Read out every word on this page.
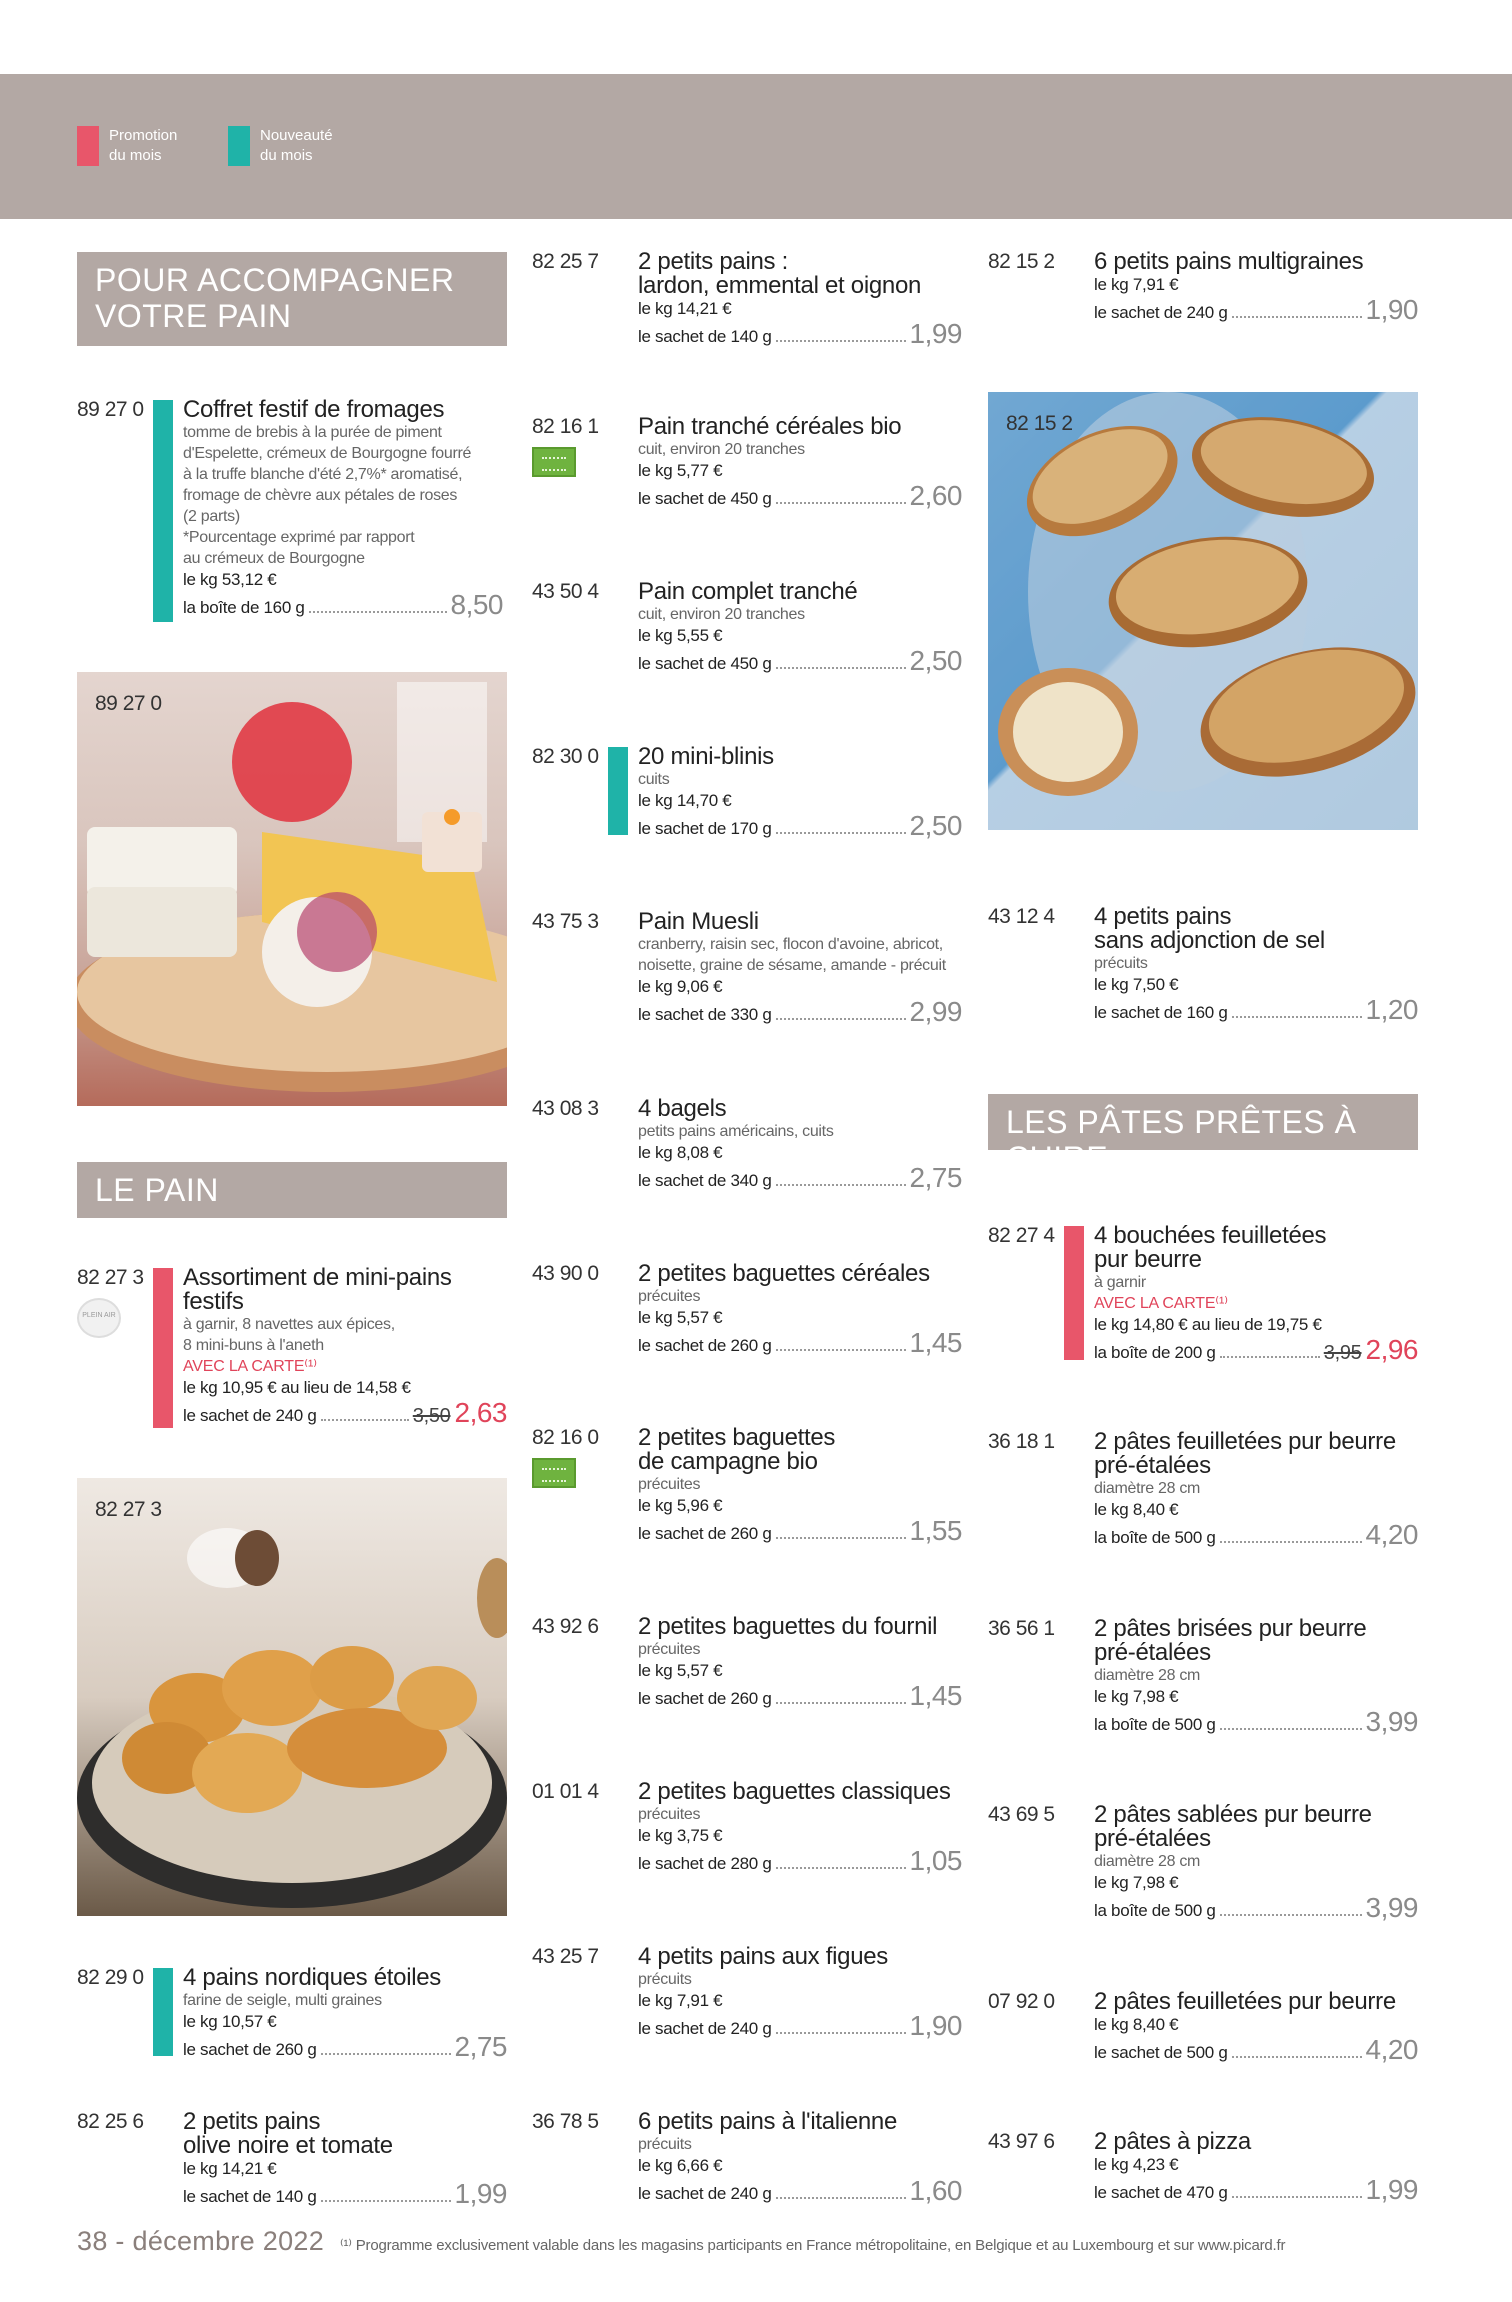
Promotion
du mois
Nouveauté
du mois
POUR ACCOMPAGNER
VOTRE PAIN
89 27 0 Coffret festif de fromages
tomme de brebis à la purée de piment
d'Espelette, crémeux de Bourgogne fourré
à la truffe blanche d'été 2,7%* aromatisé,
fromage de chèvre aux pétales de roses
(2 parts)
*Pourcentage exprimé par rapport
au crémeux de Bourgogne
le kg 53,12 €
la boîte de 160 g	8,50
89 27 0
LE PAIN
82 27 3
PLEIN AIR
Assortiment de mini-pains
festifs
à garnir, 8 navettes aux épices,
8 mini-buns à l'aneth
AVEC LA CARTE⁽¹⁾
le kg 10,95 € au lieu de 14,58 €
le sachet de 240 g	3,50 2,63
82 27 3
82 29 0 4 pains nordiques étoiles
farine de seigle, multi graines
le kg 10,57 €
le sachet de 260 g	2,75
82 25 6 2 petits pains
olive noire et tomate
le kg 14,21 €
le sachet de 140 g	1,99
82 25 7 2 petits pains :
lardon, emmental et oignon
le kg 14,21 €
le sachet de 140 g	1,99
82 16 1 Pain tranché céréales bio
cuit, environ 20 tranches
le kg 5,77 €
le sachet de 450 g	2,60
43 50 4 Pain complet tranché
cuit, environ 20 tranches
le kg 5,55 €
le sachet de 450 g	2,50
82 30 0 20 mini-blinis
cuits
le kg 14,70 €
le sachet de 170 g	2,50
43 75 3 Pain Muesli
cranberry, raisin sec, flocon d'avoine, abricot,
noisette, graine de sésame, amande - précuit
le kg 9,06 €
le sachet de 330 g	2,99
43 08 3 4 bagels
petits pains américains, cuits
le kg 8,08 €
le sachet de 340 g	2,75
43 90 0 2 petites baguettes céréales
précuites
le kg 5,57 €
le sachet de 260 g	1,45
82 16 0 2 petites baguettes
de campagne bio
précuites
le kg 5,96 €
le sachet de 260 g	1,55
43 92 6 2 petites baguettes du fournil
précuites
le kg 5,57 €
le sachet de 260 g	1,45
01 01 4 2 petites baguettes classiques
précuites
le kg 3,75 €
le sachet de 280 g	1,05
43 25 7 4 petits pains aux figues
précuits
le kg 7,91 €
le sachet de 240 g	1,90
36 78 5 6 petits pains à l'italienne
précuits
le kg 6,66 €
le sachet de 240 g	1,60
82 15 2 6 petits pains multigraines
le kg 7,91 €
le sachet de 240 g	1,90
82 15 2
43 12 4 4 petits pains
sans adjonction de sel
précuits
le kg 7,50 €
le sachet de 160 g	1,20
LES PÂTES PRÊTES À CUIRE
82 27 4 4 bouchées feuilletées
pur beurre
à garnir
AVEC LA CARTE⁽¹⁾
le kg 14,80 € au lieu de 19,75 €
la boîte de 200 g	3,95 2,96
36 18 1 2 pâtes feuilletées pur beurre
pré-étalées
diamètre 28 cm
le kg 8,40 €
la boîte de 500 g	4,20
36 56 1 2 pâtes brisées pur beurre
pré-étalées
diamètre 28 cm
le kg 7,98 €
la boîte de 500 g	3,99
43 69 5 2 pâtes sablées pur beurre
pré-étalées
diamètre 28 cm
le kg 7,98 €
la boîte de 500 g	3,99
07 92 0 2 pâtes feuilletées pur beurre
le kg 8,40 €
le sachet de 500 g	4,20
43 97 6 2 pâtes à pizza
le kg 4,23 €
le sachet de 470 g	1,99
38 - décembre 2022 ⁽¹⁾ Programme exclusivement valable dans les magasins participants en France métropolitaine, en Belgique et au Luxembourg et sur www.picard.fr
